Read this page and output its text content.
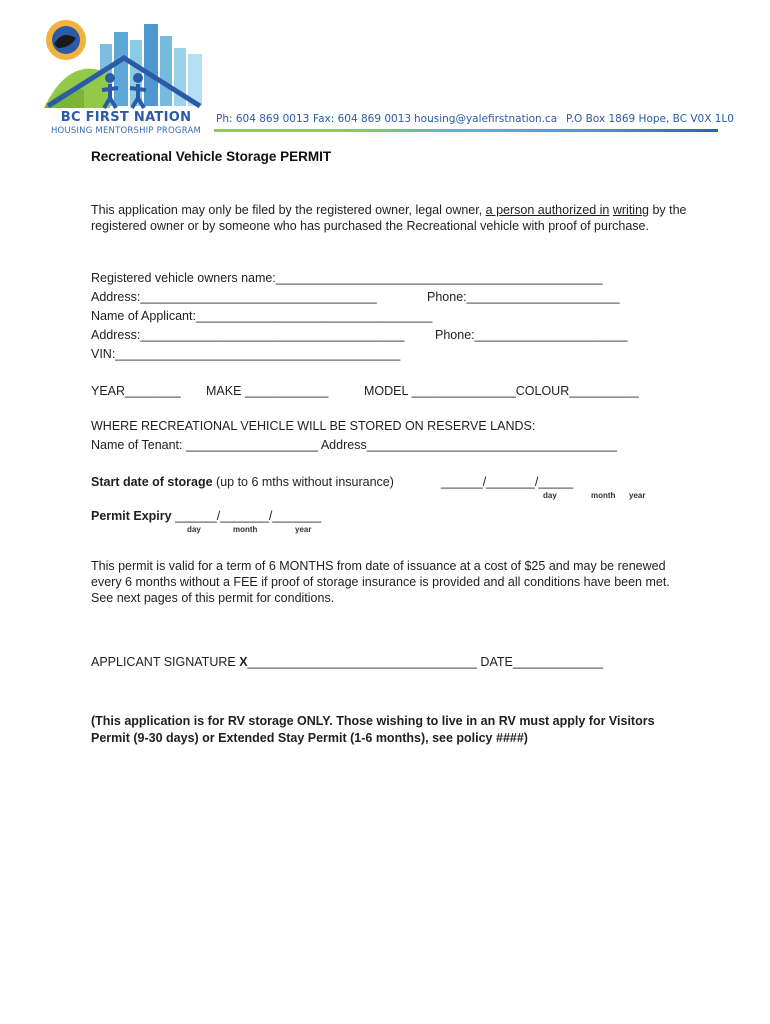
BC FIRST NATION
HOUSING MENTORSHIP PROGRAM
Ph: 604 869 0013 Fax: 604 869 0013 housing@yalefirstnation.ca P.O Box 1869 Hope, BC V0X 1L0
Recreational Vehicle Storage PERMIT
This application may only be filed by the registered owner, legal owner, a person authorized in writing by the registered owner or by someone who has purchased the Recreational vehicle with proof of purchase.
Registered vehicle owners name:_______________________________________________
Address:__________________________________	Phone:______________________
Name of Applicant:__________________________________
Address:______________________________________ Phone:______________________
VIN:_________________________________________
YEAR________ MAKE ____________	MODEL _______________COLOUR__________
WHERE RECREATIONAL VEHICLE WILL BE STORED ON RESERVE LANDS:
Name of Tenant: ___________________ Address____________________________________
Start date of storage (up to 6 mths without insurance)	______/_______/_____
day	month year
Permit Expiry ______/_______/_______
day	month	year
This permit is valid for a term of 6 MONTHS from date of issuance at a cost of $25 and may be renewed every 6 months without a FEE if proof of storage insurance is provided and all conditions have been met. See next pages of this permit for conditions.
APPLICANT SIGNATURE X_________________________________ DATE_____________
(This application is for RV storage ONLY. Those wishing to live in an RV must apply for Visitors Permit (9-30 days) or Extended Stay Permit (1-6 months), see policy ####)
